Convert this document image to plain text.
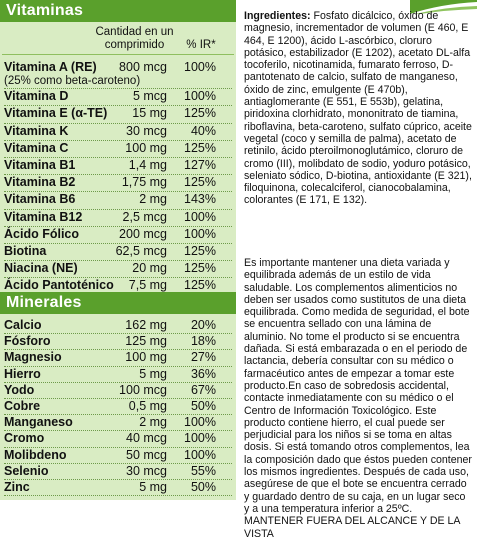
Vitaminas
Cantidad en un comprimido	% IR*
Vitamina A (RE)	800 mcg	100%
(25% como beta-caroteno)
Vitamina D	5 mcg	100%
Vitamina E (α-TE)	15 mg	125%
Vitamina K	30 mcg	40%
Vitamina C	100 mg	125%
Vitamina B1	1,4 mg	127%
Vitamina B2	1,75 mg	125%
Vitamina B6	2 mg	143%
Vitamina B12	2,5 mcg	100%
Ácido Fólico	200 mcg	100%
Biotina	62,5 mcg	125%
Niacina (NE)	20 mg	125%
Ácido Pantoténico	7,5 mg	125%
Minerales
Calcio	162 mg	20%
Fósforo	125 mg	18%
Magnesio	100 mg	27%
Hierro	5 mg	36%
Yodo	100 mcg	67%
Cobre	0,5 mg	50%
Manganeso	2 mg	100%
Cromo	40 mcg	100%
Molibdeno	50 mcg	100%
Selenio	30 mcg	55%
Zinc	5 mg	50%
Ingredientes: Fosfato dicálcico, óxido de magnesio, incrementador de volumen (E 460, E 464, E 1200), ácido L-ascórbico, cloruro potásico, estabilizador (E 1202), acetato DL-alfa tocoferilo, nicotinamida, fumarato ferroso, D-pantotenato de calcio, sulfato de manganeso, óxido de zinc, emulgente (E 470b), antiaglomerante (E 551, E 553b), gelatina, piridoxina clorhidrato, mononitrato de tiamina, riboflavina, beta-caroteno, sulfato cúprico, aceite vegetal (coco y semilla de palma), acetato de retinilo, ácido pteroilmonoglutámico, cloruro de cromo (III), molibdato de sodio, yoduro potásico, seleniato sódico, D-biotina, antioxidante (E 321), filoquinona, colecalciferol, cianocobalamina, colorantes (E 171, E 132).
Es importante mantener una dieta variada y equilibrada además de un estilo de vida saludable. Los complementos alimenticios no deben ser usados como sustitutos de una dieta equilibrada. Como medida de seguridad, el bote se encuentra sellado con una lámina de aluminio. No tome el producto si se encuentra dañada. Si está embarazada o en el periodo de lactancia, debería consultar con su médico o farmacéutico antes de empezar a tomar este producto.En caso de sobredosis accidental, contacte inmediatamente con su médico o el Centro de Información Toxicológico. Este producto contiene hierro, el cual puede ser perjudicial para los niños si se toma en altas dosis. Si está tomando otros complementos, lea la composición dado que éstos pueden contener los mismos ingredientes. Después de cada uso, asegúrese de que el bote se encuentra cerrado y guardado dentro de su caja, en un lugar seco y a una temperatura inferior a 25ºC.
MANTENER FUERA DEL ALCANCE Y DE LA VISTA
